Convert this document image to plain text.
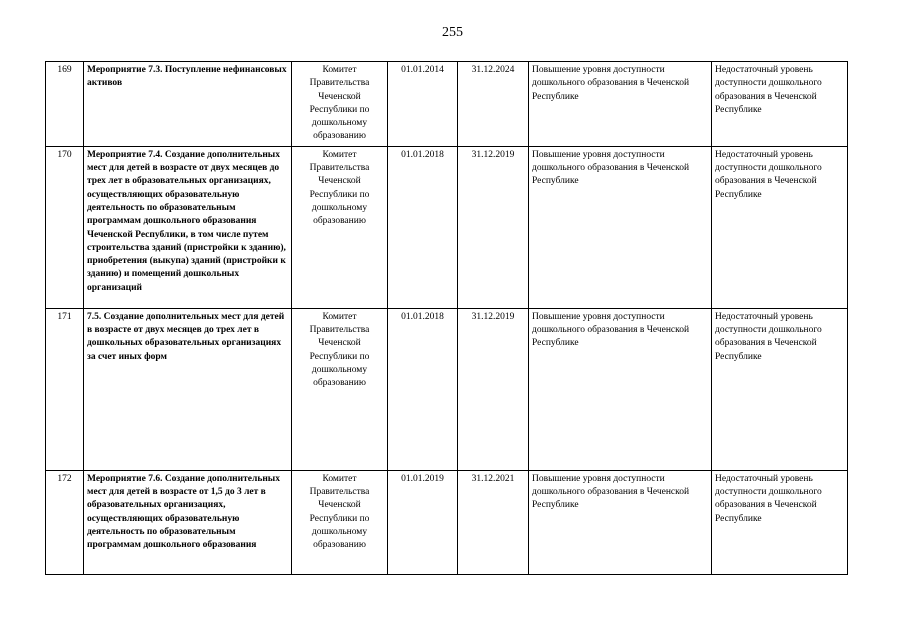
255
169	Мероприятие 7.3. Поступление нефинансовых активов	Комитет Правительства Чеченской Республики по дошкольному образованию	01.01.2014	31.12.2024	Повышение уровня доступности дошкольного образования в Чеченской Республике	Недостаточный уровень доступности дошкольного образования в Чеченской Республике
170	Мероприятие 7.4. Создание дополнительных мест для детей в возрасте от двух месяцев до трех лет в образовательных организациях, осуществляющих образовательную деятельность по образовательным программам дошкольного образования Чеченской Республики, в том числе путем строительства зданий (пристройки к зданию), приобретения (выкупа) зданий (пристройки к зданию) и помещений дошкольных организаций	Комитет Правительства Чеченской Республики по дошкольному образованию	01.01.2018	31.12.2019	Повышение уровня доступности дошкольного образования в Чеченской Республике	Недостаточный уровень доступности дошкольного образования в Чеченской Республике
171	7.5. Создание дополнительных мест для детей в возрасте от двух месяцев до трех лет в дошкольных образовательных организациях за счет иных форм	Комитет Правительства Чеченской Республики по дошкольному образованию	01.01.2018	31.12.2019	Повышение уровня доступности дошкольного образования в Чеченской Республике	Недостаточный уровень доступности дошкольного образования в Чеченской Республике
172	Мероприятие 7.6. Создание дополнительных мест для детей в возрасте от 1,5 до 3 лет в образовательных организациях, осуществляющих образовательную деятельность по образовательным программам дошкольного образования	Комитет Правительства Чеченской Республики по дошкольному образованию	01.01.2019	31.12.2021	Повышение уровня доступности дошкольного образования в Чеченской Республике	Недостаточный уровень доступности дошкольного образования в Чеченской Республике
